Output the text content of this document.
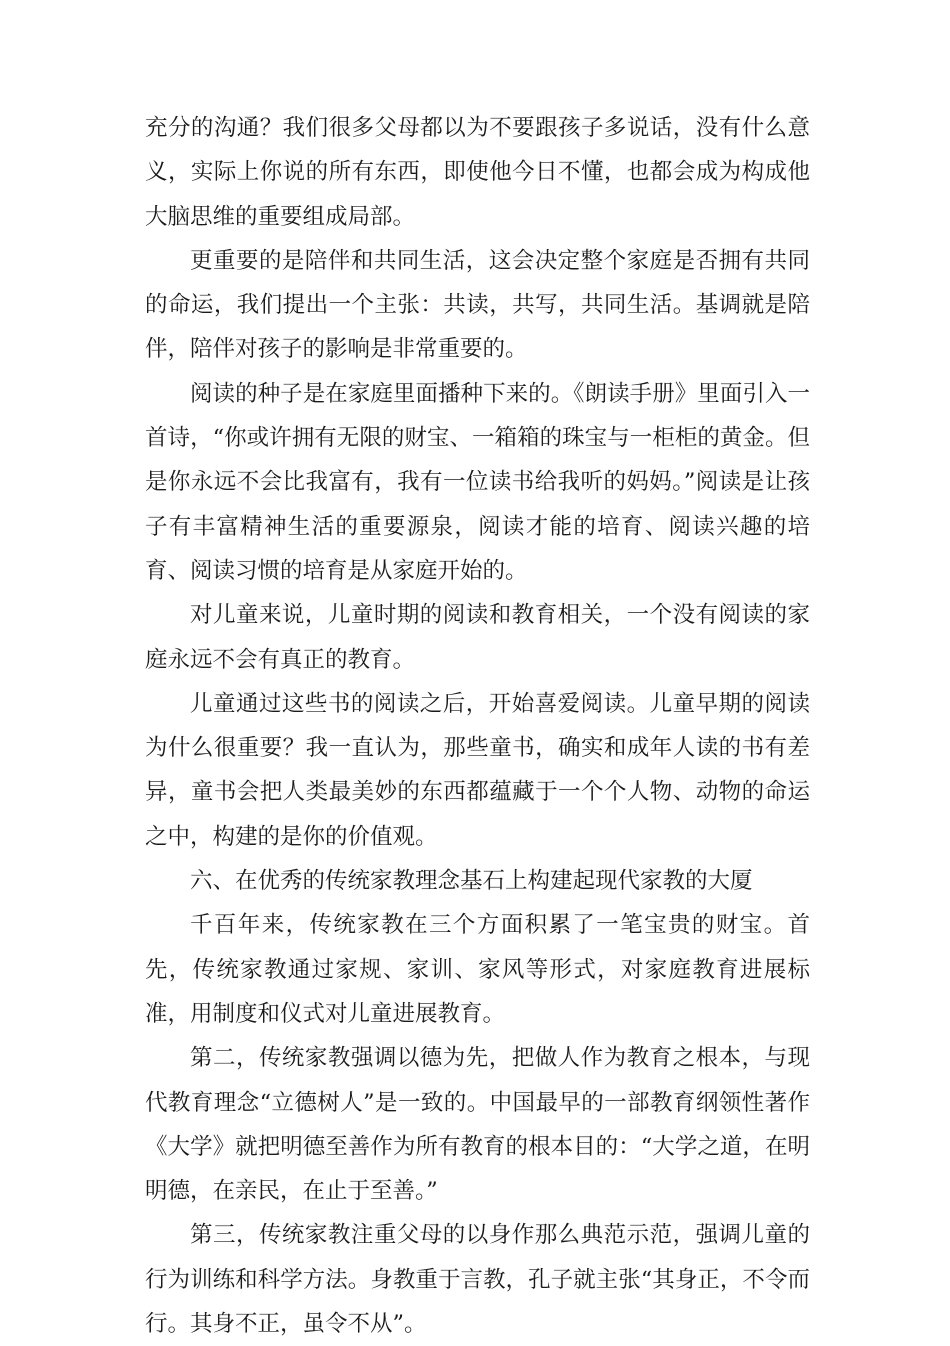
充分的沟通？我们很多父母都以为不要跟孩子多说话，没有什么意义，实际上你说的所有东西，即使他今日不懂，也都会成为构成他大脑思维的重要组成局部。

更重要的是陪伴和共同生活，这会决定整个家庭是否拥有共同的命运，我们提出一个主张：共读，共写，共同生活。基调就是陪伴，陪伴对孩子的影响是非常重要的。

阅读的种子是在家庭里面播种下来的。《朗读手册》里面引入一首诗，“你或许拥有无限的财宝、一箱箱的珠宝与一柜柜的黄金。但是你永远不会比我富有，我有一位读书给我听的妈妈。”阅读是让孩子有丰富精神生活的重要源泉，阅读才能的培育、阅读兴趣的培育、阅读习惯的培育是从家庭开始的。

对儿童来说，儿童时期的阅读和教育相关，一个没有阅读的家庭永远不会有真正的教育。

儿童通过这些书的阅读之后，开始喜爱阅读。儿童早期的阅读为什么很重要？我一直认为，那些童书，确实和成年人读的书有差异，童书会把人类最美妙的东西都蕴藏于一个个人物、动物的命运之中，构建的是你的价值观。

六、在优秀的传统家教理念基石上构建起现代家教的大厦

千百年来，传统家教在三个方面积累了一笔宝贵的财宝。首先，传统家教通过家规、家训、家风等形式，对家庭教育进展标准，用制度和仪式对儿童进展教育。

第二，传统家教强调以德为先，把做人作为教育之根本，与现代教育理念“立德树人”是一致的。中国最早的一部教育纲领性著作《大学》就把明德至善作为所有教育的根本目的：“大学之道，在明明德，在亲民，在止于至善。”

第三，传统家教注重父母的以身作那么典范示范，强调儿童的行为训练和科学方法。身教重于言教，孔子就主张“其身正，不令而行。其身不正，虽令不从”。
